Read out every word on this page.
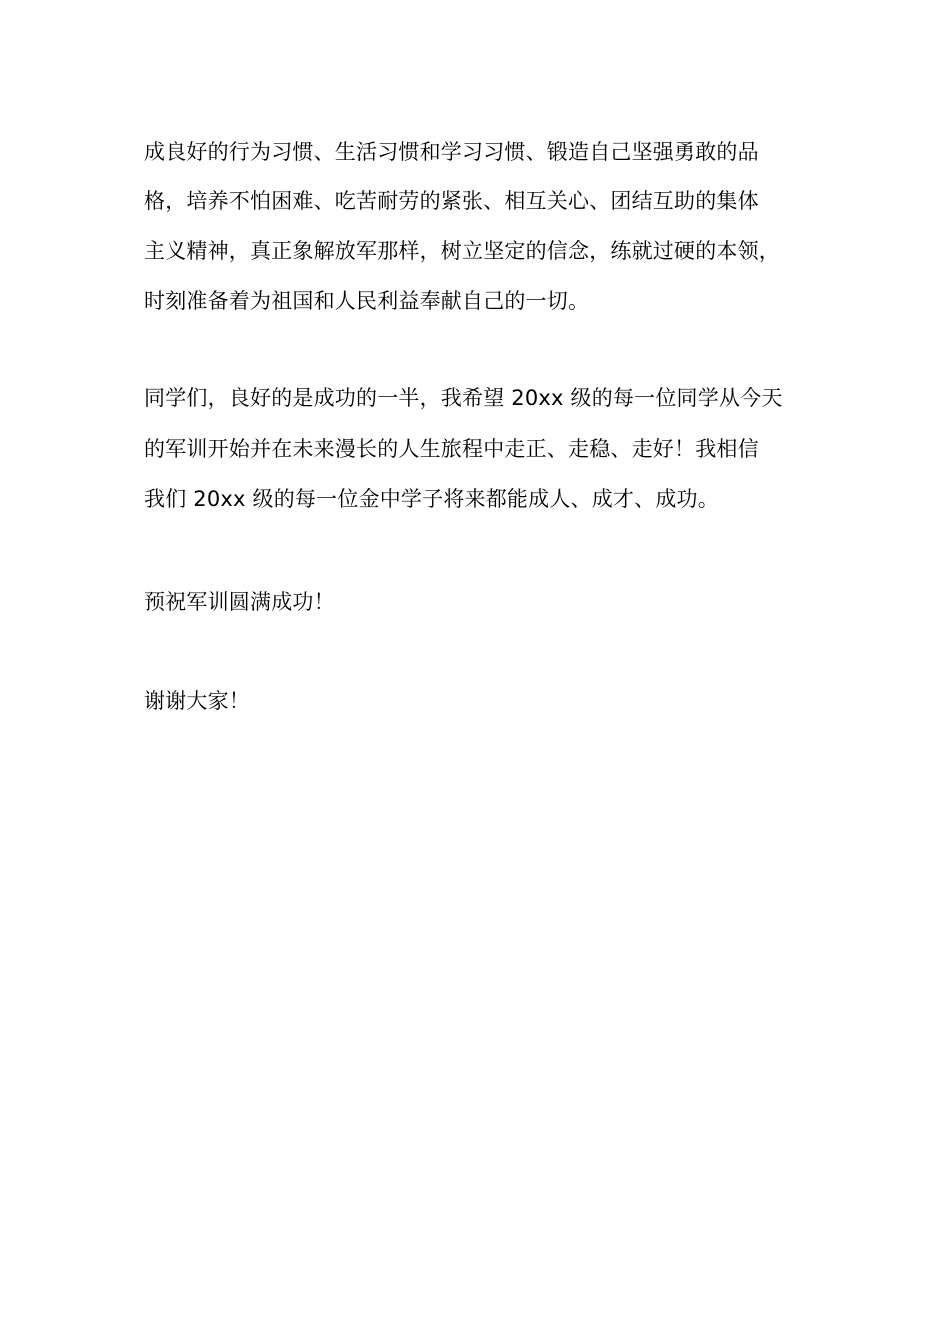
成良好的行为习惯、生活习惯和学习习惯、锻造自己坚强勇敢的品
格，培养不怕困难、吃苦耐劳的紧张、相互关心、团结互助的集体
主义精神，真正象解放军那样，树立坚定的信念，练就过硬的本领，
时刻准备着为祖国和人民利益奉献自己的一切。
同学们，良好的是成功的一半，我希望 20xx 级的每一位同学从今天
的军训开始并在未来漫长的人生旅程中走正、走稳、走好！我相信
我们 20xx 级的每一位金中学子将来都能成人、成才、成功。
预祝军训圆满成功！
谢谢大家！
